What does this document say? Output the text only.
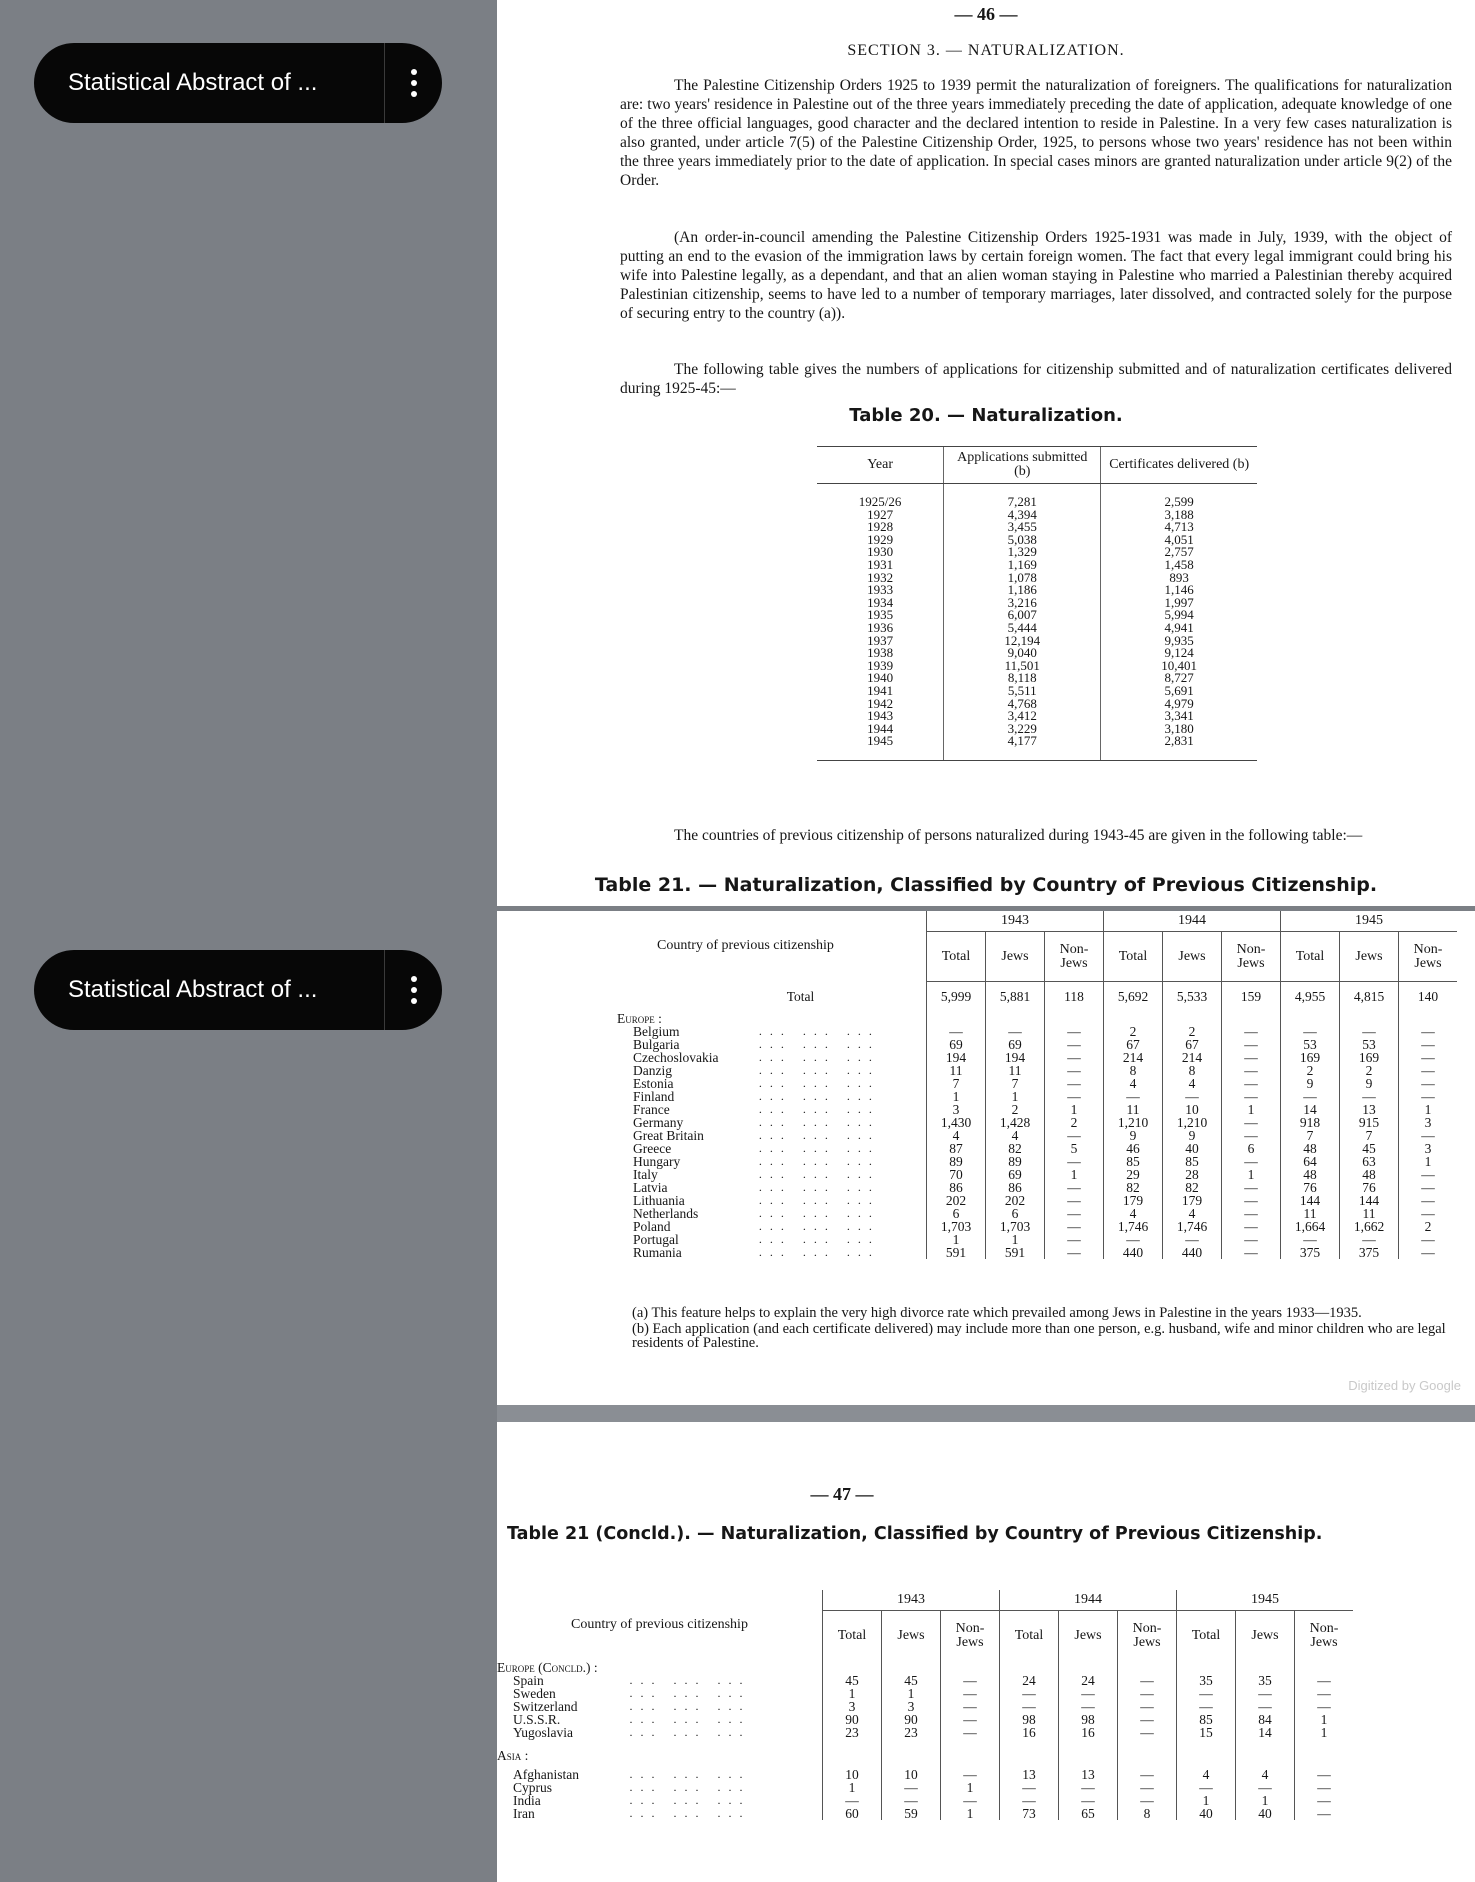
Statistical Abstract of ...
Statistical Abstract of ...
— 46 —
SECTION 3. — NATURALIZATION.

The Palestine Citizenship Orders 1925 to 1939 permit the naturalization of foreigners. The qualifications for naturalization are: two years' residence in Palestine out of the three years immediately preceding the date of application, adequate knowledge of one of the three official languages, good character and the declared intention to reside in Palestine. In a very few cases naturalization is also granted, under article 7(5) of the Palestine Citizenship Order, 1925, to persons whose two years' residence has not been within the three years immediately prior to the date of application. In special cases minors are granted naturalization under article 9(2) of the Order.

(An order-in-council amending the Palestine Citizenship Orders 1925-1931 was made in July, 1939, with the object of putting an end to the evasion of the immigration laws by certain foreign women. The fact that every legal immigrant could bring his wife into Palestine legally, as a dependant, and that an alien woman staying in Palestine who married a Palestinian thereby acquired Palestinian citizenship, seems to have led to a number of temporary marriages, later dissolved, and contracted solely for the purpose of securing entry to the country (a)).

The following table gives the numbers of applications for citizenship submitted and of naturalization certificates delivered during 1925-45:—

Table 20. — Naturalization.
Year	Applications submitted (b)	Certificates delivered (b)

1925/26	7,281	2,599
1927	4,394	3,188
1928	3,455	4,713
1929	5,038	4,051
1930	1,329	2,757
1931	1,169	1,458
1932	1,078	893
1933	1,186	1,146
1934	3,216	1,997
1935	6,007	5,994
1936	5,444	4,941
1937	12,194	9,935
1938	9,040	9,124
1939	11,501	10,401
1940	8,118	8,727
1941	5,511	5,691
1942	4,768	4,979
1943	3,412	3,341
1944	3,229	3,180
1945	4,177	2,831

The countries of previous citizenship of persons naturalized during 1943-45 are given in the following table:—

Table 21. — Naturalization, Classified by Country of Previous Citizenship.
Country of previous citizenship		1943			1944			1945		
		Total	Jews	Non-Jews	Total	Jews	Non-Jews	Total	Jews	Non-Jews
Total		5,999	5,881	118	5,692	5,533	159	4,955	4,815	140
Europe :										
Belgium	... ... ...	—	—	—	2	2	—	—	—	—
Bulgaria	... ... ...	69	69	—	67	67	—	53	53	—
Czechoslovakia	... ... ...	194	194	—	214	214	—	169	169	—
Danzig	... ... ...	11	11	—	8	8	—	2	2	—
Estonia	... ... ...	7	7	—	4	4	—	9	9	—
Finland	... ... ...	1	1	—	—	—	—	—	—	—
France	... ... ...	3	2	1	11	10	1	14	13	1
Germany	... ... ...	1,430	1,428	2	1,210	1,210	—	918	915	3
Great Britain	... ... ...	4	4	—	9	9	—	7	7	—
Greece	... ... ...	87	82	5	46	40	6	48	45	3
Hungary	... ... ...	89	89	—	85	85	—	64	63	1
Italy	... ... ...	70	69	1	29	28	1	48	48	—
Latvia	... ... ...	86	86	—	82	82	—	76	76	—
Lithuania	... ... ...	202	202	—	179	179	—	144	144	—
Netherlands	... ... ...	6	6	—	4	4	—	11	11	—
Poland	... ... ...	1,703	1,703	—	1,746	1,746	—	1,664	1,662	2
Portugal	... ... ...	1	1	—	—	—	—	—	—	—
Rumania	... ... ...	591	591	—	440	440	—	375	375	—

(a) This feature helps to explain the very high divorce rate which prevailed among Jews in Palestine in the years 1933—1935.

(b) Each application (and each certificate delivered) may include more than one person, e.g. husband, wife and minor children who are legal residents of Palestine.

Digitized by Google
— 47 —
Table 21 (Concld.). — Naturalization, Classified by Country of Previous Citizenship.
Country of previous citizenship		1943			1944			1945		
		Total	Jews	Non-Jews	Total	Jews	Non-Jews	Total	Jews	Non-Jews
Europe (Concld.) :										
Spain	... ... ...	45	45	—	24	24	—	35	35	—
Sweden	... ... ...	1	1	—	—	—	—	—	—	—
Switzerland	... ... ...	3	3	—	—	—	—	—	—	—
U.S.S.R.	... ... ...	90	90	—	98	98	—	85	84	1
Yugoslavia	... ... ...	23	23	—	16	16	—	15	14	1

Asia :										

Afghanistan	... ... ...	10	10	—	13	13	—	4	4	—
Cyprus	... ... ...	1	—	1	—	—	—	—	—	—
India	... ... ...	—	—	—	—	—	—	1	1	—
Iran	... ... ...	60	59	1	73	65	8	40	40	—
